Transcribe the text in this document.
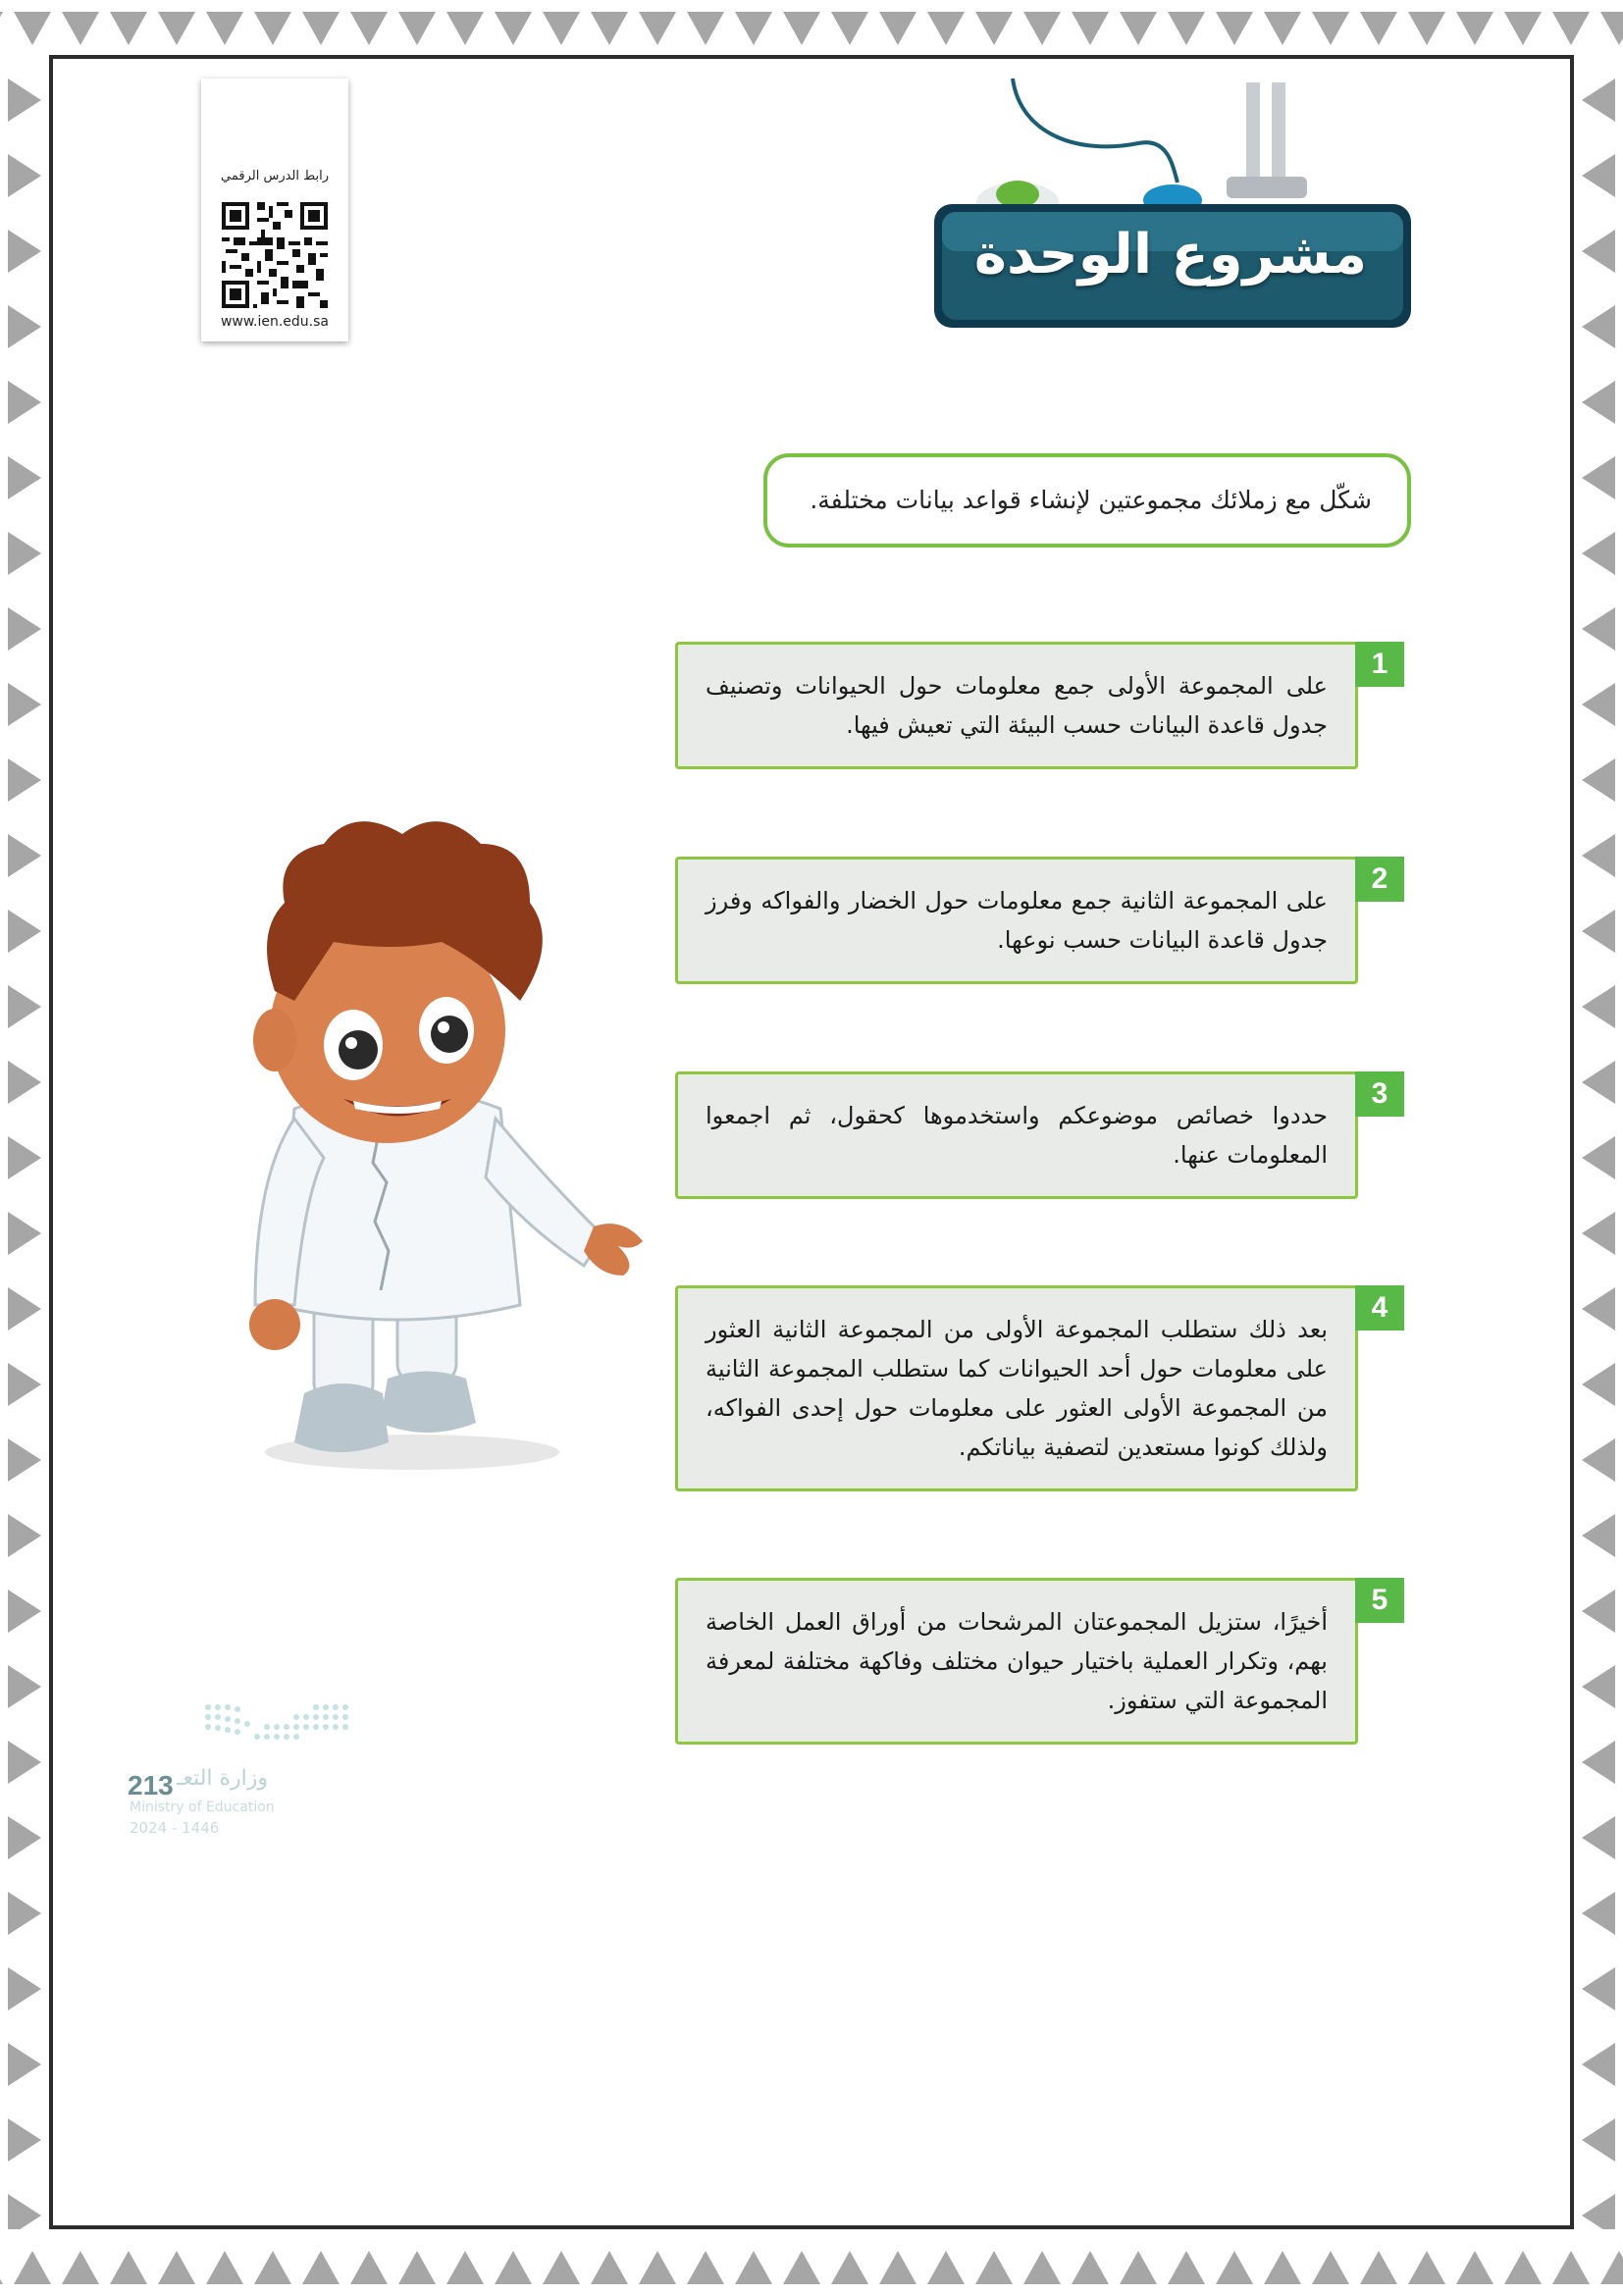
رابط الدرس الرقمي
www.ien.edu.sa
مشروع الوحدة
شكّل مع زملائك مجموعتين لإنشاء قواعد بيانات مختلفة.
1
على المجموعة الأولى جمع معلومات حول الحيوانات وتصنيف جدول قاعدة البيانات حسب البيئة التي تعيش فيها.
2
على المجموعة الثانية جمع معلومات حول الخضار والفواكه وفرز جدول قاعدة البيانات حسب نوعها.
3
حددوا خصائص موضوعكم واستخدموها كحقول، ثم اجمعوا المعلومات عنها.
4
بعد ذلك ستطلب المجموعة الأولى من المجموعة الثانية العثور على معلومات حول أحد الحيوانات كما ستطلب المجموعة الثانية من المجموعة الأولى العثور على معلومات حول إحدى الفواكه، ولذلك كونوا مستعدين لتصفية بياناتكم.
5
أخيرًا، ستزيل المجموعتان المرشحات من أوراق العمل الخاصة بهم، وتكرار العملية باختيار حيوان مختلف وفاكهة مختلفة لمعرفة المجموعة التي ستفوز.
وزارة التعـ
213
Ministry of Education
2024 - 1446
